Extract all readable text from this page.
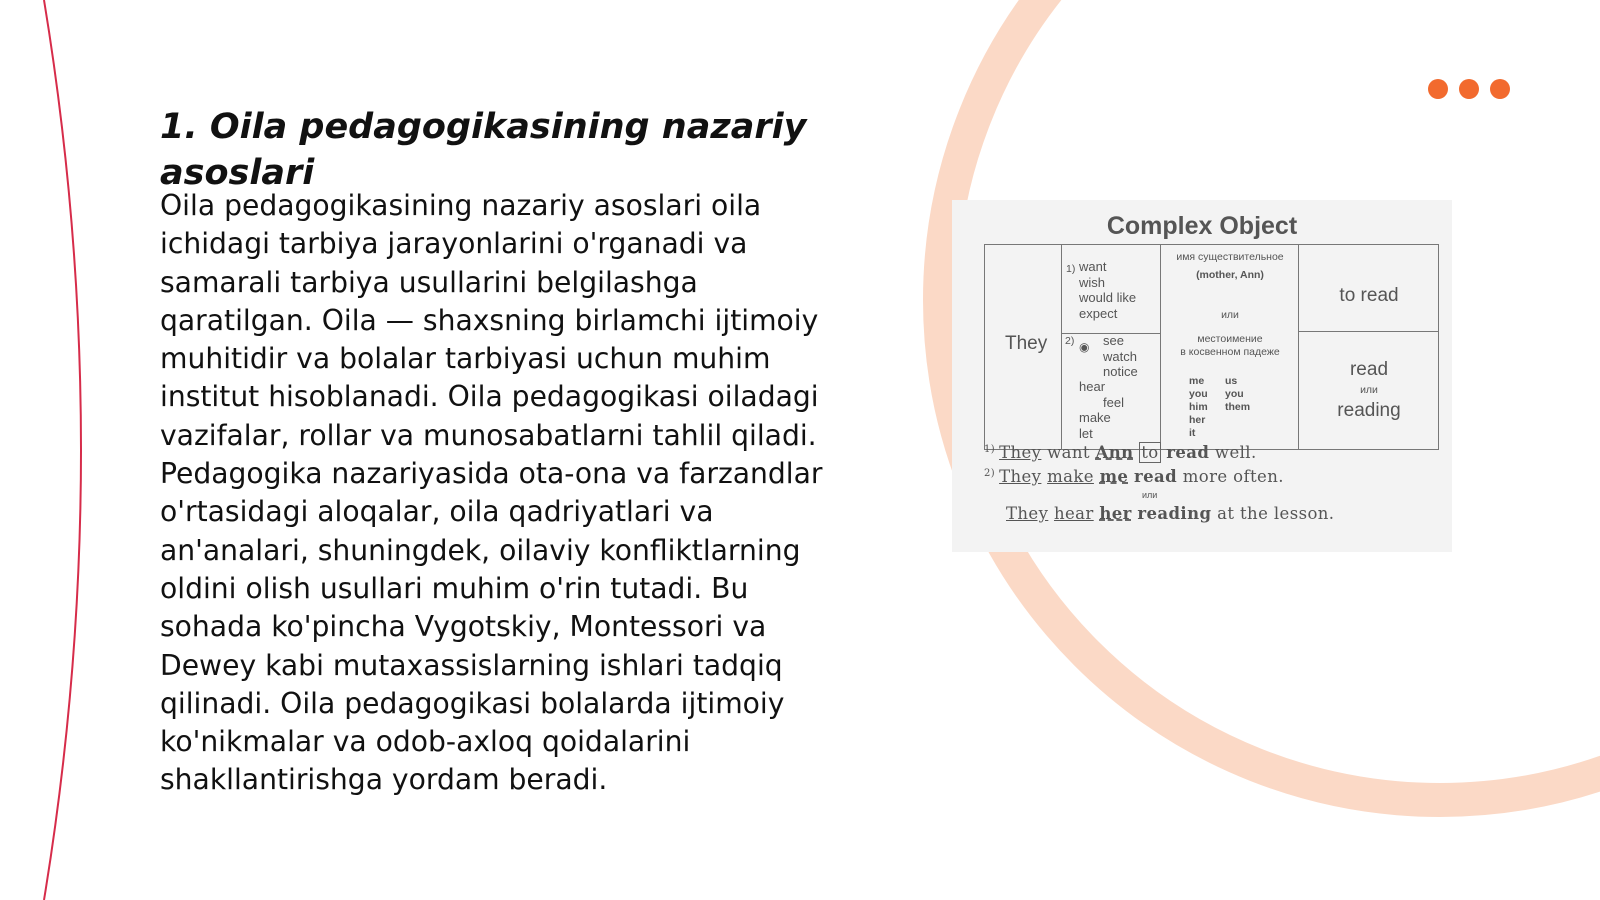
1. Oila pedagogikasining nazariy asoslari
Oila pedagogikasining nazariy asoslari oila ichidagi tarbiya jarayonlarini o'rganadi va samarali tarbiya usullarini belgilashga qaratilgan. Oila — shaxsning birlamchi ijtimoiy muhitidir va bolalar tarbiyasi uchun muhim institut hisoblanadi. Oila pedagogikasi oiladagi vazifalar, rollar va munosabatlarni tahlil qiladi. Pedagogika nazariyasida ota-ona va farzandlar o'rtasidagi aloqalar, oila qadriyatlari va an'analari, shuningdek, oilaviy konfliktlarning oldini olish usullari muhim o'rin tutadi. Bu sohada ko'pincha Vygotskiy, Montessori va Dewey kabi mutaxassislarning ishlari tadqiq qilinadi. Oila pedagogikasi bolalarda ijtimoiy ko'nikmalar va odob-axloq qoidalarini shakllantirishga yordam beradi.
Complex Object
They
1) want
wish
would like
expect
2) ◉ see
watch
notice
hear
feel
make
let
имя существительное
(mother, Ann)
или
местоимение
в косвенном падеже
me
you
him
her
it
us
you
them
to read
read
или
reading
$^{1)}$ They want Ann to read well.
$^{2)}$ They make me read more often.
или
They hear her reading at the lesson.
